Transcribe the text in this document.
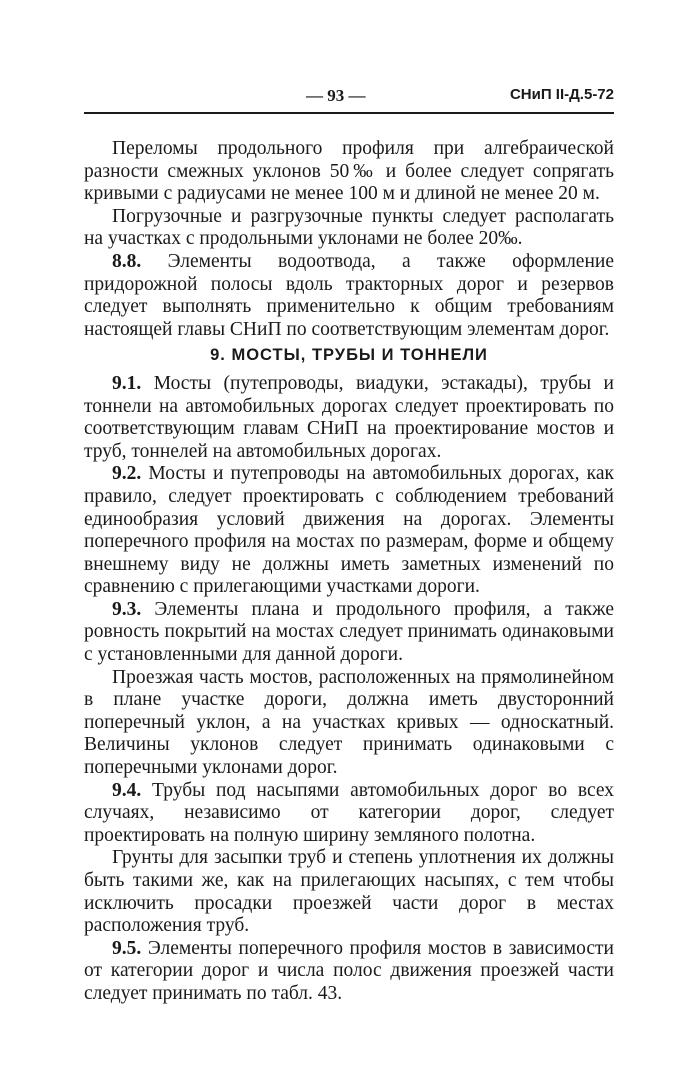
— 93 —	СНиП II-Д.5-72

Переломы продольного профиля при алгебраической разности смежных уклонов 50‰ и более следует сопрягать кривыми с радиусами не менее 100 м и длиной не менее 20 м.

Погрузочные и разгрузочные пункты следует располагать на участках с продольными уклонами не более 20‰.

8.8. Элементы водоотвода, а также оформление придорожной полосы вдоль тракторных дорог и резервов следует выполнять применительно к общим требованиям настоящей главы СНиП по соответствующим элементам дорог.

9. МОСТЫ, ТРУБЫ И ТОННЕЛИ

9.1. Мосты (путепроводы, виадуки, эстакады), трубы и тоннели на автомобильных дорогах следует проектировать по соответствующим главам СНиП на проектирование мостов и труб, тоннелей на автомобильных дорогах.

9.2. Мосты и путепроводы на автомобильных дорогах, как правило, следует проектировать с соблюдением требований единообразия условий движения на дорогах. Элементы поперечного профиля на мостах по размерам, форме и общему внешнему виду не должны иметь заметных изменений по сравнению с прилегающими участками дороги.

9.3. Элементы плана и продольного профиля, а также ровность покрытий на мостах следует принимать одинаковыми с установленными для данной дороги.

Проезжая часть мостов, расположенных на прямолинейном в плане участке дороги, должна иметь двусторонний поперечный уклон, а на участках кривых — односкатный. Величины уклонов следует принимать одинаковыми с поперечными уклонами дорог.

9.4. Трубы под насыпями автомобильных дорог во всех случаях, независимо от категории дорог, следует проектировать на полную ширину земляного полотна.

Грунты для засыпки труб и степень уплотнения их должны быть такими же, как на прилегающих насыпях, с тем чтобы исключить просадки проезжей части дорог в местах расположения труб.

9.5. Элементы поперечного профиля мостов в зависимости от категории дорог и числа полос движения проезжей части следует принимать по табл. 43.
